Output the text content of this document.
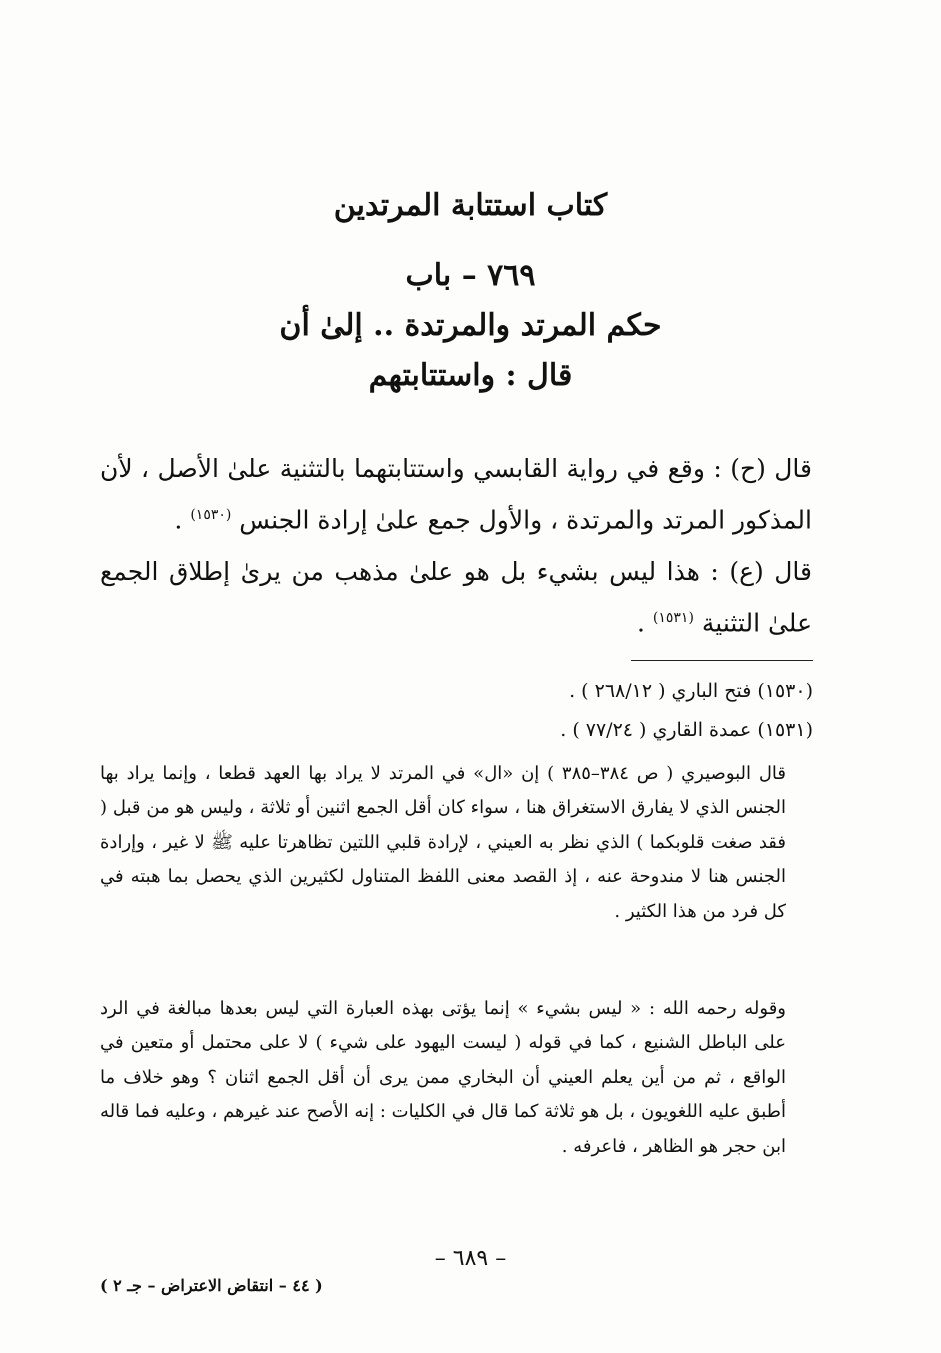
كتاب استتابة المرتدين
٧٦٩ – باب
حكم المرتد والمرتدة .. إلىٰ أن
قال : واستتابتهم

قال (ح) : وقع في رواية القابسي واستتابتهما بالتثنية علىٰ الأصل ، لأن المذكور المرتد والمرتدة ، والأول جمع علىٰ إرادة الجنس $^{(١٥٣٠)}$ .

قال (ع) : هذا ليس بشيء بل هو علىٰ مذهب من يرىٰ إطلاق الجمع علىٰ التثنية $^{(١٥٣١)}$ .

(١٥٣٠) فتح الباري ( ٢٦٨/١٢ ) .
(١٥٣١) عمدة القاري ( ٧٧/٢٤ ) .

قال البوصيري ( ص ٣٨٤–٣٨٥ ) إن «ال» في المرتد لا يراد بها العهد قطعا ، وإنما يراد بها الجنس الذي لا يفارق الاستغراق هنا ، سواء كان أقل الجمع اثنين أو ثلاثة ، وليس هو من قبل ( فقد صغت قلوبكما ) الذي نظر به العيني ، لإرادة قلبي اللتين تظاهرتا عليه ﷺ لا غير ، وإرادة الجنس هنا لا مندوحة عنه ، إذ القصد معنى اللفظ المتناول لكثيرين الذي يحصل بما هبته في كل فرد من هذا الكثير .

وقوله رحمه الله : « ليس بشيء » إنما يؤتى بهذه العبارة التي ليس بعدها مبالغة في الرد على الباطل الشنيع ، كما في قوله ( ليست اليهود على شيء ) لا على محتمل أو متعين في الواقع ، ثم من أين يعلم العيني أن البخاري ممن يرى أن أقل الجمع اثنان ؟ وهو خلاف ما أطبق عليه اللغويون ، بل هو ثلاثة كما قال في الكليات : إنه الأصح عند غيرهم ، وعليه فما قاله ابن حجر هو الظاهر ، فاعرفه .

– ٦٨٩ –
( ٤٤ – انتقاض الاعتراض – جـ ٢ )
